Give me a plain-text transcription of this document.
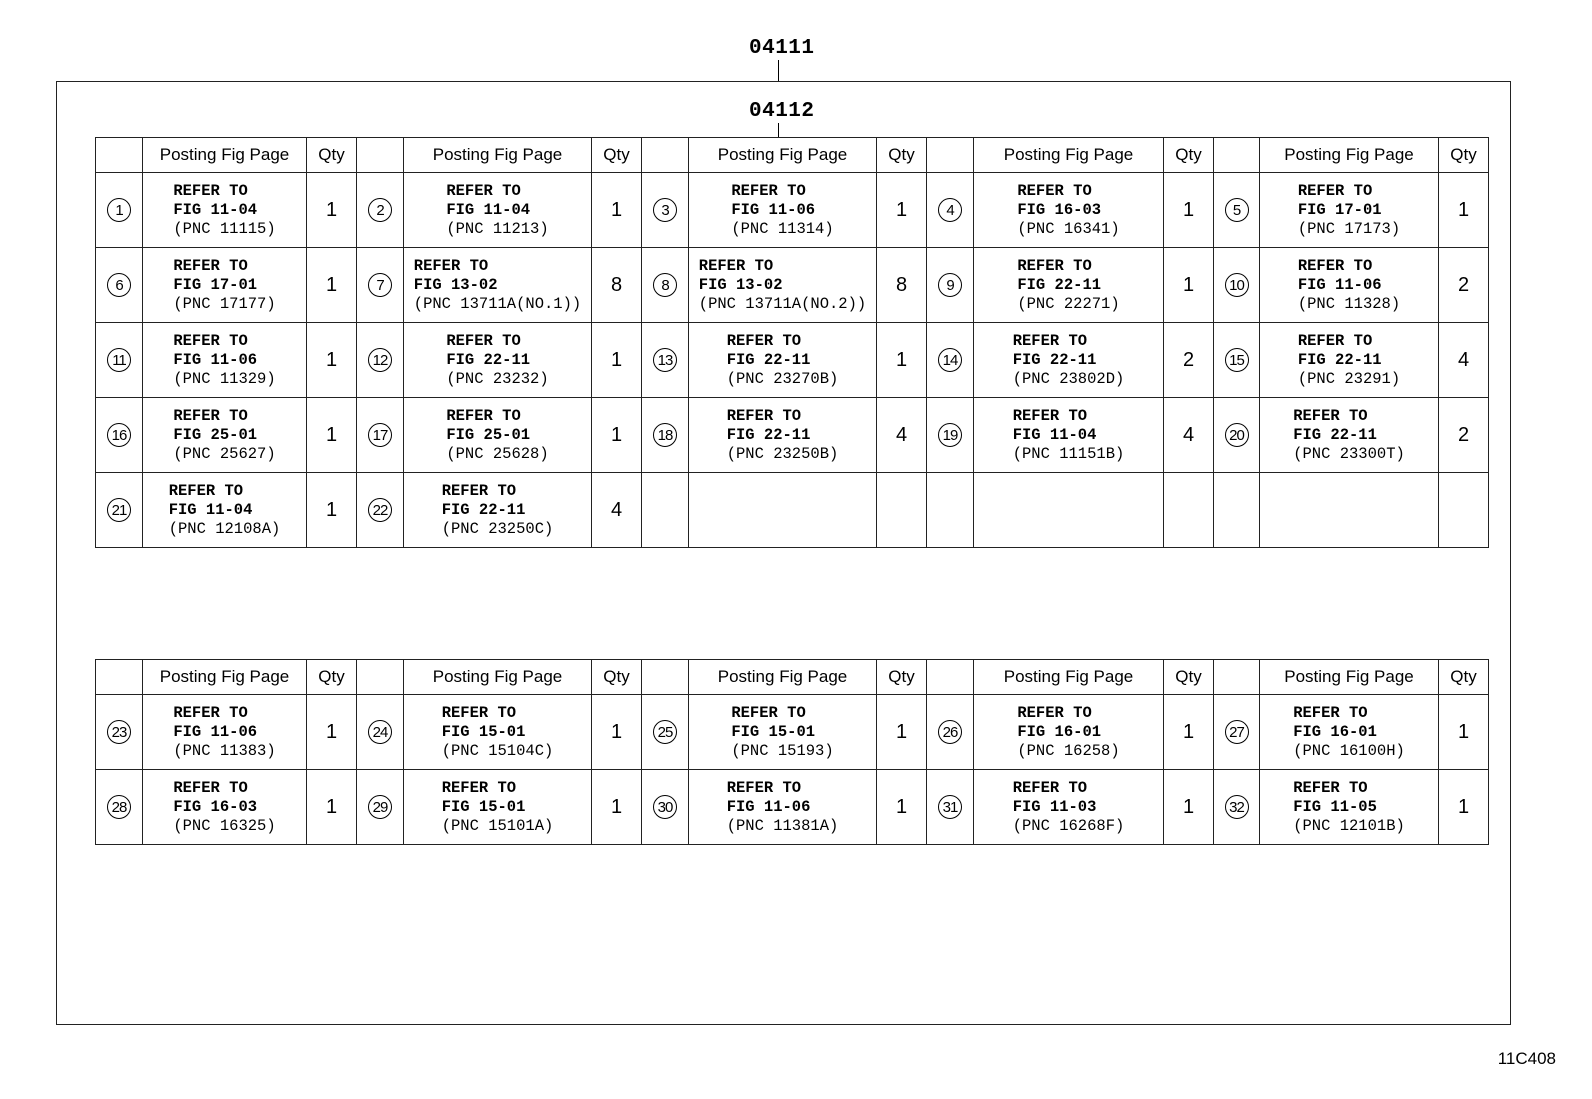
04111
04112
	Posting Fig Page	Qty		Posting Fig Page	Qty		Posting Fig Page	Qty		Posting Fig Page	Qty		Posting Fig Page	Qty
1	REFER TO
FIG 11-04
(PNC 11115)	1	2	REFER TO
FIG 11-04
(PNC 11213)	1	3	REFER TO
FIG 11-06
(PNC 11314)	1	4	REFER TO
FIG 16-03
(PNC 16341)	1	5	REFER TO
FIG 17-01
(PNC 17173)	1
6	REFER TO
FIG 17-01
(PNC 17177)	1	7	REFER TO
FIG 13-02
(PNC 13711A(NO.1))	8	8	REFER TO
FIG 13-02
(PNC 13711A(NO.2))	8	9	REFER TO
FIG 22-11
(PNC 22271)	1	10	REFER TO
FIG 11-06
(PNC 11328)	2
11	REFER TO
FIG 11-06
(PNC 11329)	1	12	REFER TO
FIG 22-11
(PNC 23232)	1	13	REFER TO
FIG 22-11
(PNC 23270B)	1	14	REFER TO
FIG 22-11
(PNC 23802D)	2	15	REFER TO
FIG 22-11
(PNC 23291)	4
16	REFER TO
FIG 25-01
(PNC 25627)	1	17	REFER TO
FIG 25-01
(PNC 25628)	1	18	REFER TO
FIG 22-11
(PNC 23250B)	4	19	REFER TO
FIG 11-04
(PNC 11151B)	4	20	REFER TO
FIG 22-11
(PNC 23300T)	2
21	REFER TO
FIG 11-04
(PNC 12108A)	1	22	REFER TO
FIG 22-11
(PNC 23250C)	4									
	Posting Fig Page	Qty		Posting Fig Page	Qty		Posting Fig Page	Qty		Posting Fig Page	Qty		Posting Fig Page	Qty
23	REFER TO
FIG 11-06
(PNC 11383)	1	24	REFER TO
FIG 15-01
(PNC 15104C)	1	25	REFER TO
FIG 15-01
(PNC 15193)	1	26	REFER TO
FIG 16-01
(PNC 16258)	1	27	REFER TO
FIG 16-01
(PNC 16100H)	1
28	REFER TO
FIG 16-03
(PNC 16325)	1	29	REFER TO
FIG 15-01
(PNC 15101A)	1	30	REFER TO
FIG 11-06
(PNC 11381A)	1	31	REFER TO
FIG 11-03
(PNC 16268F)	1	32	REFER TO
FIG 11-05
(PNC 12101B)	1
11C408
